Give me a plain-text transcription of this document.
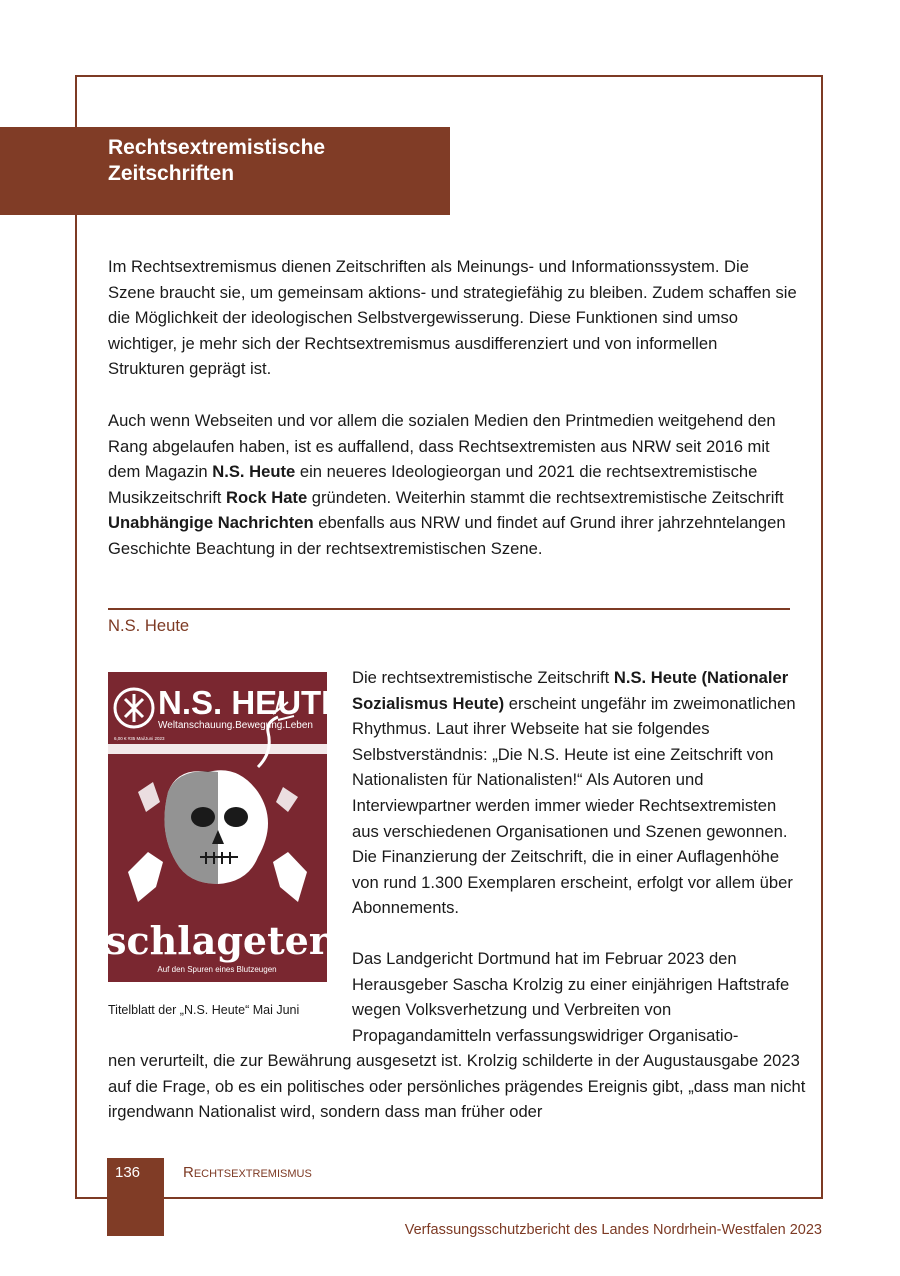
Rechtsextremistische
Zeitschriften

Im Rechtsextremismus dienen Zeitschriften als Meinungs- und Informationssystem. Die Szene braucht sie, um gemeinsam aktions- und strategiefähig zu bleiben. Zudem schaffen sie die Möglichkeit der ideologischen Selbstvergewisserung. Diese Funktionen sind umso wichtiger, je mehr sich der Rechtsextremismus ausdifferenziert und von informellen Strukturen geprägt ist.

Auch wenn Webseiten und vor allem die sozialen Medien den Printmedien weitgehend den Rang abgelaufen haben, ist es auffallend, dass Rechtsextremisten aus NRW seit 2016 mit dem Magazin N.S. Heute ein neueres Ideologieorgan und 2021 die rechtsextremistische Musikzeitschrift Rock Hate gründeten. Weiterhin stammt die rechtsextremistische Zeitschrift Unabhängige Nachrichten ebenfalls aus NRW und findet auf Grund ihrer jahrzehntelangen Geschichte Beachtung in der rechtsextremistischen Szene.

N.S. Heute
N.S. HEUTE
Weltanschauung.Bewegung.Leben
6,00 € #35 Mai/Juni 2023
schlageter
Auf den Spuren eines Blutzeugen
Titelblatt der „N.S. Heute“ Mai Juni

Die rechtsextremistische Zeitschrift N.S. Heute (Nationaler Sozialismus Heute) erscheint ungefähr im zweimonatlichen Rhythmus. Laut ihrer Webseite hat sie folgendes Selbstverständnis: „Die N.S. Heute ist eine Zeitschrift von Nationalisten für Nationalisten!“ Als Autoren und Interviewpartner werden immer wieder Rechtsextremisten aus verschiedenen Organisationen und Szenen gewonnen. Die Finanzierung der Zeitschrift, die in einer Auflagenhöhe von rund 1.300 Exemplaren erscheint, erfolgt vor allem über Abonnements.

Das Landgericht Dortmund hat im Februar 2023 den Herausgeber Sascha Krolzig zu einer einjährigen Haftstrafe wegen Volksverhetzung und Verbreiten von Propagandamitteln verfassungswidriger Organisatio-

nen verurteilt, die zur Bewährung ausgesetzt ist. Krolzig schilderte in der Augustausgabe 2023 auf die Frage, ob es ein politisches oder persönliches prägendes Ereignis gibt, „dass man nicht irgendwann Nationalist wird, sondern dass man früher oder

136	Rechtsextremismus
Verfassungsschutzbericht des Landes Nordrhein-Westfalen 2023
